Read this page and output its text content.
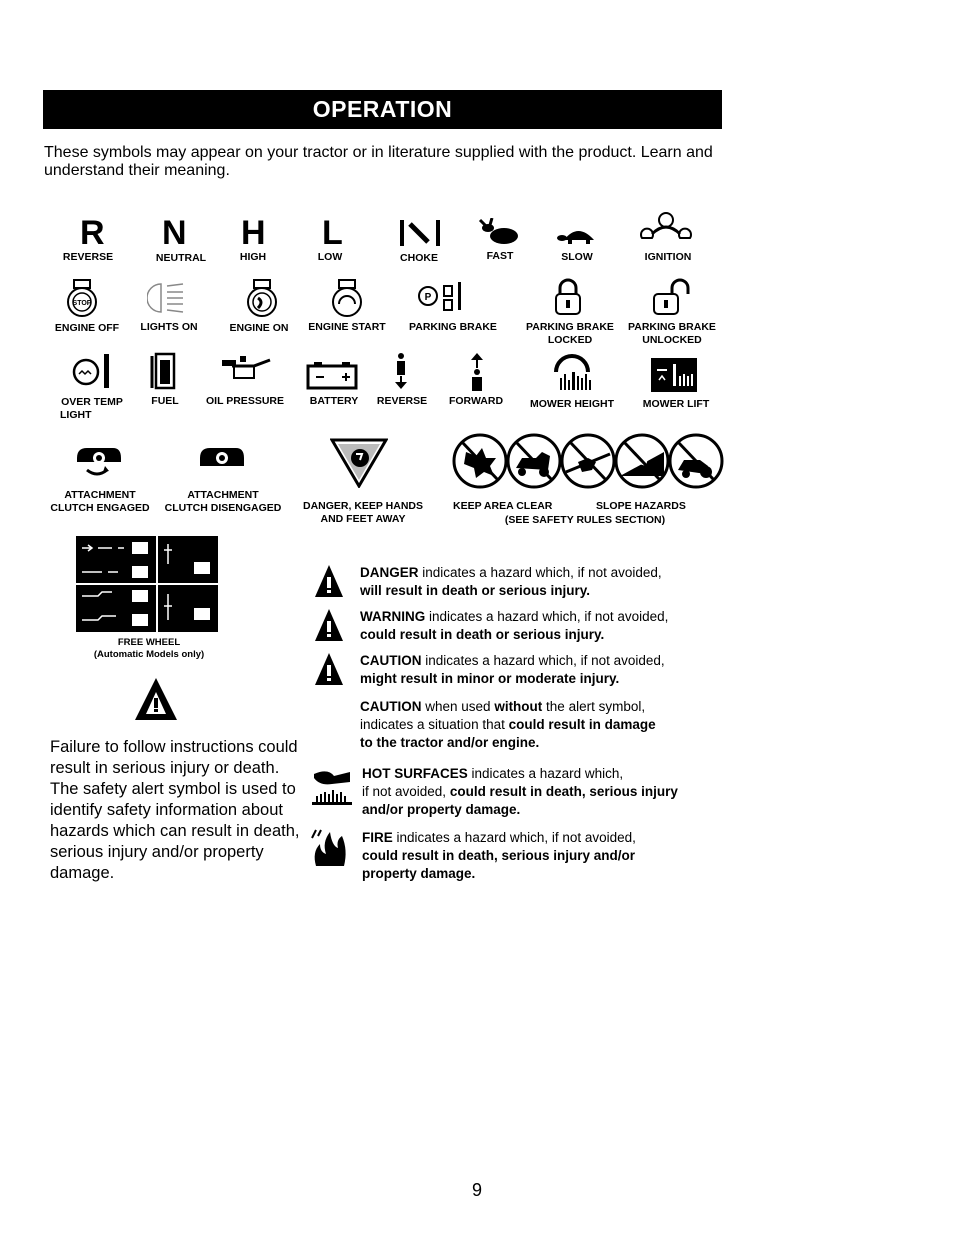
OPERATION
These symbols may appear on your tractor or in literature supplied with the product. Learn and understand their meaning.
R N H L
REVERSE	NEUTRAL	HIGH	LOW	CHOKE	FAST	SLOW	IGNITION
STOP
P
ENGINE OFF	LIGHTS ON	ENGINE ON	ENGINE START	PARKING BRAKE	PARKING BRAKE
LOCKED
PARKING BRAKE
UNLOCKED
OVER TEMP
LIGHT
FUEL	OIL PRESSURE	BATTERY	REVERSE	FORWARD	MOWER HEIGHT	MOWER LIFT
ATTACHMENT
CLUTCH ENGAGED
ATTACHMENT
CLUTCH DISENGAGED	DANGER, KEEP HANDS
AND FEET AWAY
KEEP AREA CLEAR	SLOPE HAZARDS
(SEE SAFETY RULES SECTION)
FREE WHEEL
(Automatic Models only)
Failure to follow instructions could result in serious injury or death. The safety alert symbol is used to identify safety information about hazards which can result in death, serious injury and/or property damage.
DANGER indicates a hazard which, if not avoided,
will result in death or serious injury.
WARNING indicates a hazard which, if not avoided,
could result in death or serious injury.
CAUTION indicates a hazard which, if not avoided,
might result in minor or moderate injury.
CAUTION when used without the alert symbol,
indicates a situation that could result in damage
to the tractor and/or engine.
HOT SURFACES indicates a hazard which,
if not avoided, could result in death, serious injury
and/or property damage.
FIRE indicates a hazard which, if not avoided,
could result in death, serious injury and/or
property damage.
9
